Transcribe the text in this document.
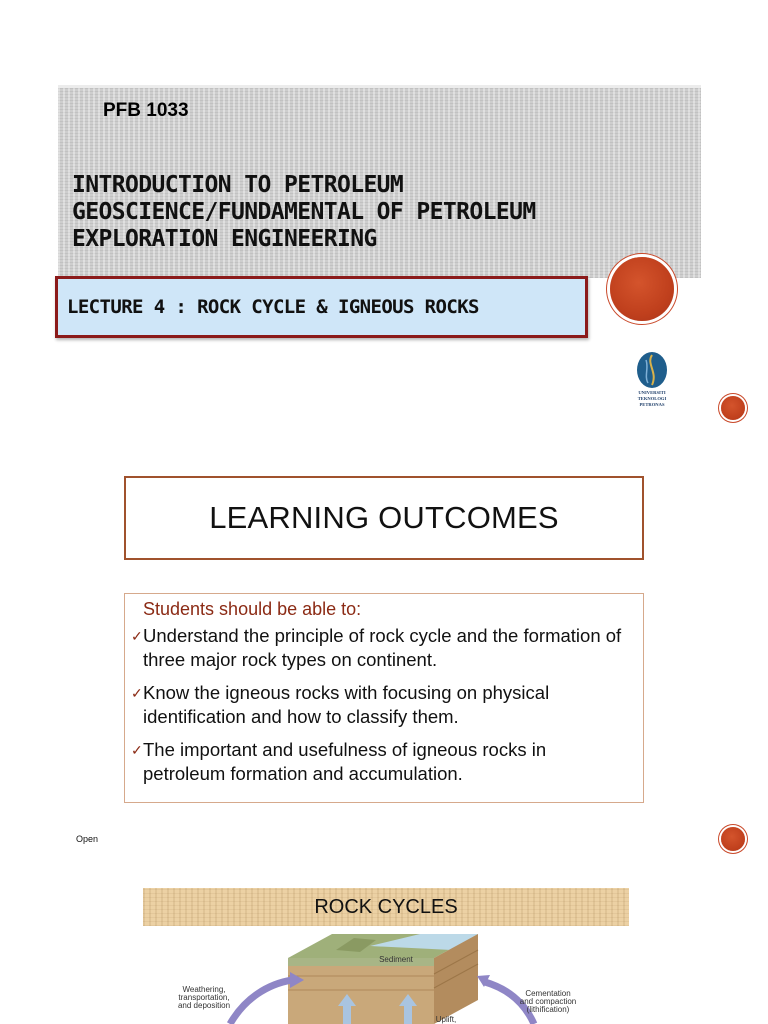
PFB 1033
INTRODUCTION TO PETROLEUM
GEOSCIENCE/FUNDAMENTAL OF PETROLEUM
EXPLORATION ENGINEERING
LECTURE 4 : ROCK CYCLE & IGNEOUS ROCKS
UNIVERSITI
TEKNOLOGI
PETRONAS
LEARNING OUTCOMES
Students should be able to:
✓ Understand the principle of rock cycle and the formation of three major rock types on continent.
✓ Know the igneous rocks with focusing on physical identification and how to classify them.
✓ The important and usefulness of igneous rocks in petroleum formation and accumulation.
Open
ROCK CYCLES
Sediment
Weathering,
transportation,
and deposition
Cementation
and compaction
(lithification)
Uplift,
